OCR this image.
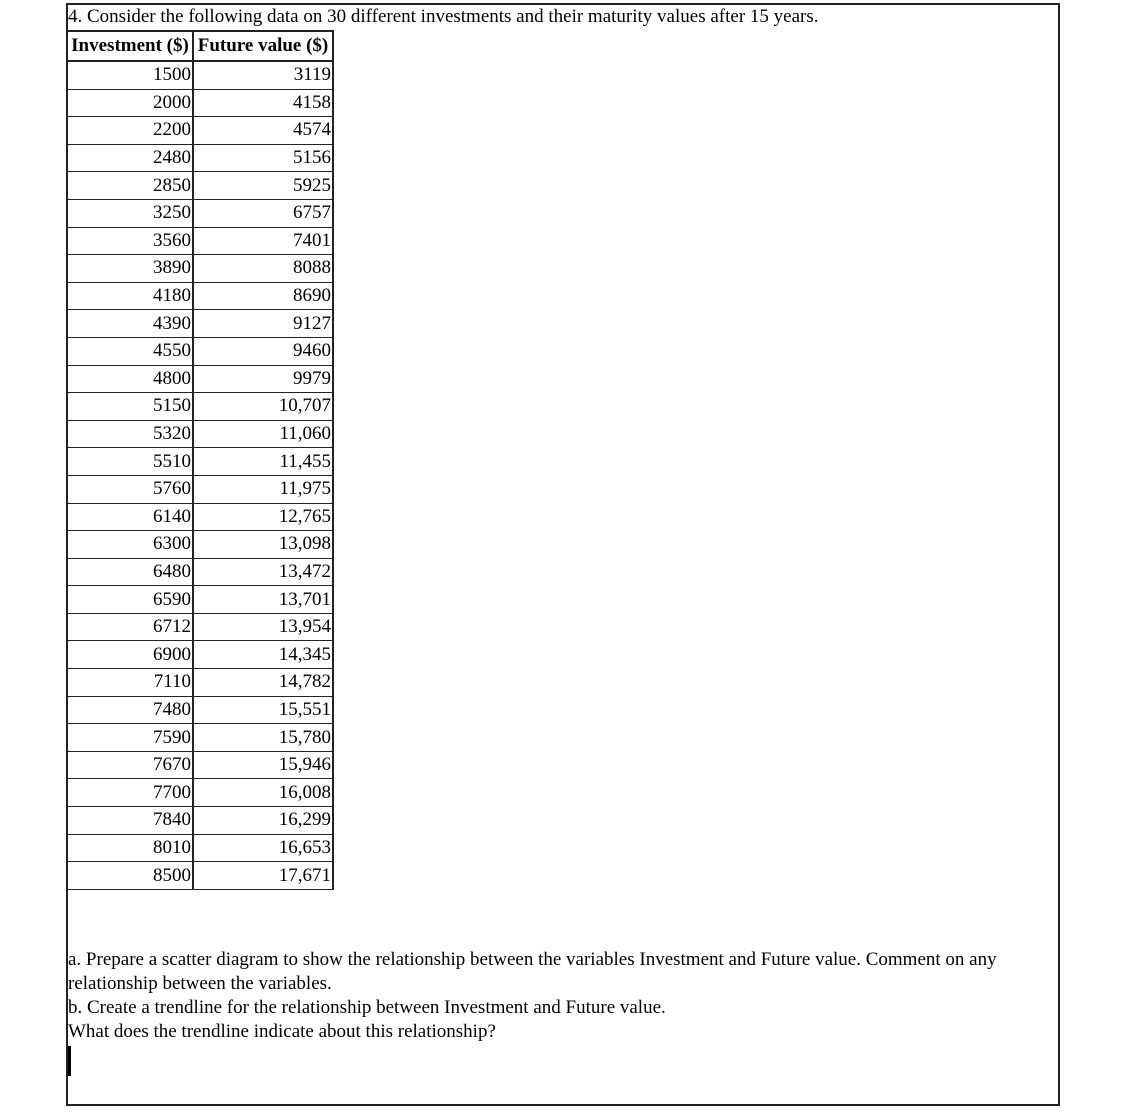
4. Consider the following data on 30 different investments and their maturity values after 15 years.
Investment ($)	Future value ($)
1500	3119
2000	4158
2200	4574
2480	5156
2850	5925
3250	6757
3560	7401
3890	8088
4180	8690
4390	9127
4550	9460
4800	9979
5150	10,707
5320	11,060
5510	11,455
5760	11,975
6140	12,765
6300	13,098
6480	13,472
6590	13,701
6712	13,954
6900	14,345
7110	14,782
7480	15,551
7590	15,780
7670	15,946
7700	16,008
7840	16,299
8010	16,653
8500	17,671

a. Prepare a scatter diagram to show the relationship between the variables Investment and Future value. Comment on any relationship between the variables.

b. Create a trendline for the relationship between Investment and Future value.

What does the trendline indicate about this relationship?
